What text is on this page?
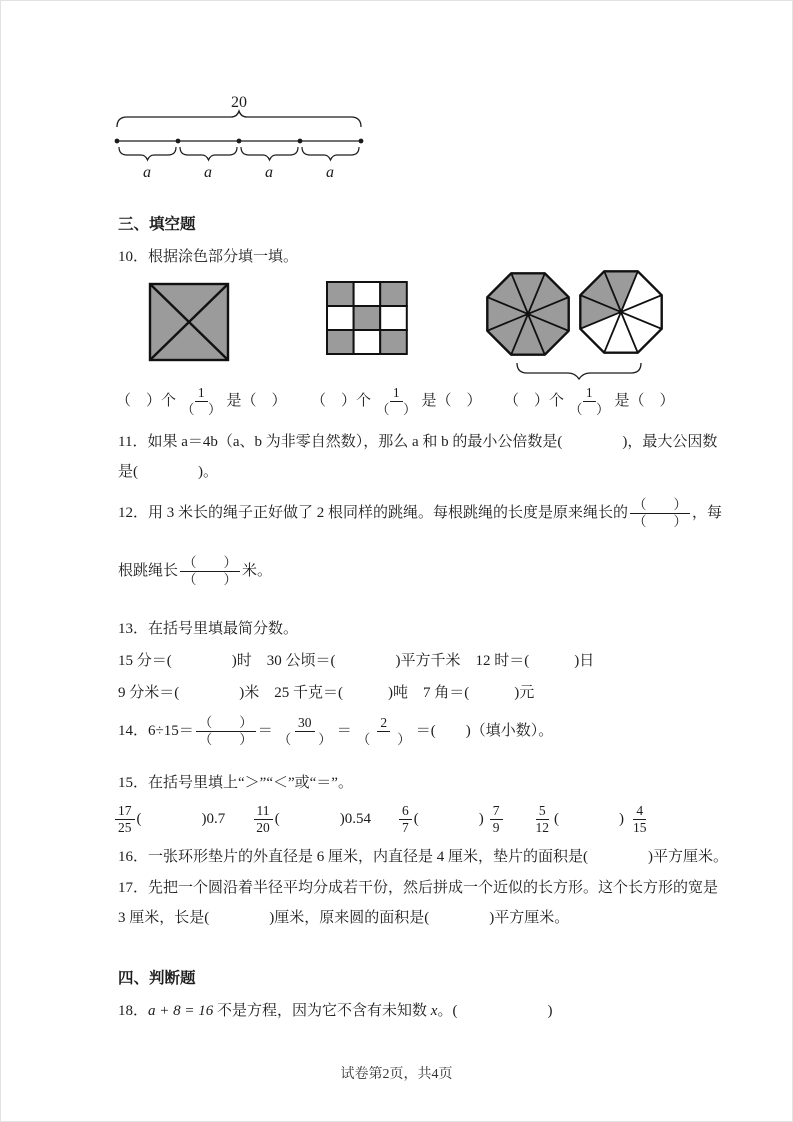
20
a	a	a	a
三、填空题
10．根据涂色部分填一填。
（　）个 $\frac{1}{( )}$ 是（　） （　）个 $\frac{1}{( )}$ 是（　） （　）个 $\frac{1}{( )}$ 是（　）
11．如果 a＝4b（a、b 为非零自然数），那么 a 和 b 的最小公倍数是(　　　　)，最大公因数
是(　　　　)。
12．用 3 米长的绳子正好做了 2 根同样的跳绳。每根跳绳的长度是原来绳长的 $\frac{( )}{( )}$ ，每
根跳绳长 $\frac{( )}{( )}$ 米。
13．在括号里填最简分数。
15 分＝(　　　　)时　30 公顷＝(　　　　)平方千米　12 时＝(　　　)日
9 分米＝(　　　　)米　25 千克＝(　　　)吨　7 角＝(　　　)元
14．$6\div 15= \frac{( )}{( )} = \frac{30}{( )} = \frac{2}{( )}$ ＝(　　)（填小数）。
15．在括号里填上“＞”“＜”或“＝”。
$\frac{17}{25}$ (　　　　) $0.7 \frac{11}{20}$ (　　　　) $0.54 \frac{6}{7}$ (　　　　) $\frac{7}{9} \frac{5}{12}$ (　　　　) $\frac{4}{15}$
16．一张环形垫片的外直径是 6 厘米，内直径是 4 厘米，垫片的面积是(　　　　)平方厘米。
17．先把一个圆沿着半径平均分成若干份，然后拼成一个近似的长方形。这个长方形的宽是
3 厘米，长是(　　　　)厘米，原来圆的面积是(　　　　)平方厘米。
四、判断题
18．a + 8 = 16 不是方程，因为它不含有未知数 x。(　　　　　　)
试卷第2页，共4页
